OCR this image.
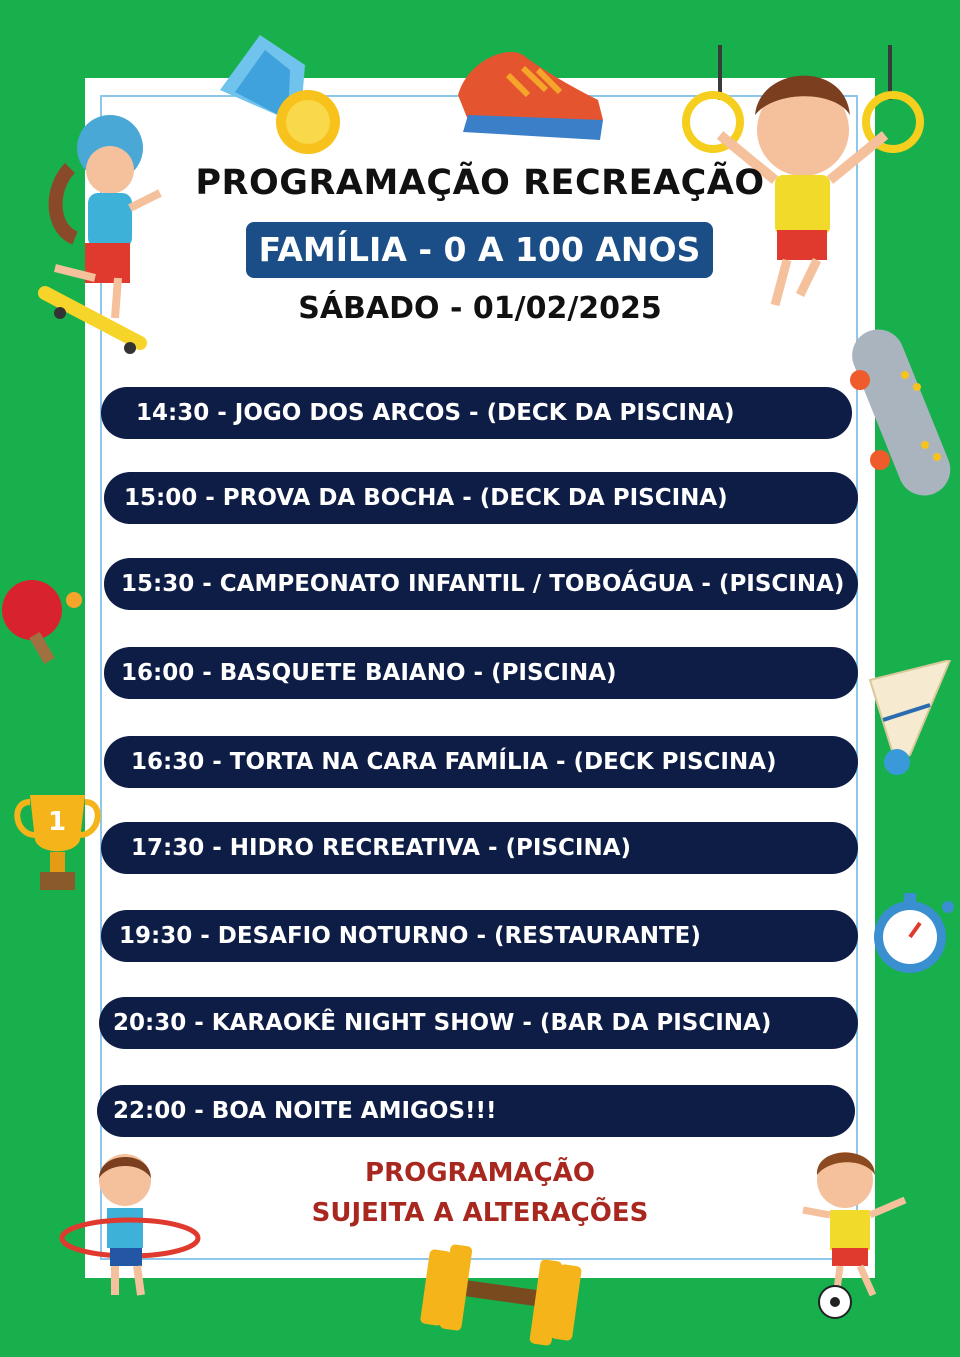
1
PROGRAMAÇÃO RECREAÇÃO
FAMÍLIA - 0 A 100 ANOS
SÁBADO - 01/02/2025
14:30 - JOGO DOS ARCOS - (DECK DA PISCINA)
15:00 - PROVA DA BOCHA - (DECK DA PISCINA)
15:30 - CAMPEONATO INFANTIL / TOBOÁGUA - (PISCINA)
16:00 - BASQUETE BAIANO - (PISCINA)
16:30 - TORTA NA CARA FAMÍLIA - (DECK PISCINA)
17:30 - HIDRO RECREATIVA - (PISCINA)
19:30 - DESAFIO NOTURNO - (RESTAURANTE)
20:30 - KARAOKÊ NIGHT SHOW - (BAR DA PISCINA)
22:00 - BOA NOITE AMIGOS!!!
PROGRAMAÇÃO
SUJEITA A ALTERAÇÕES
